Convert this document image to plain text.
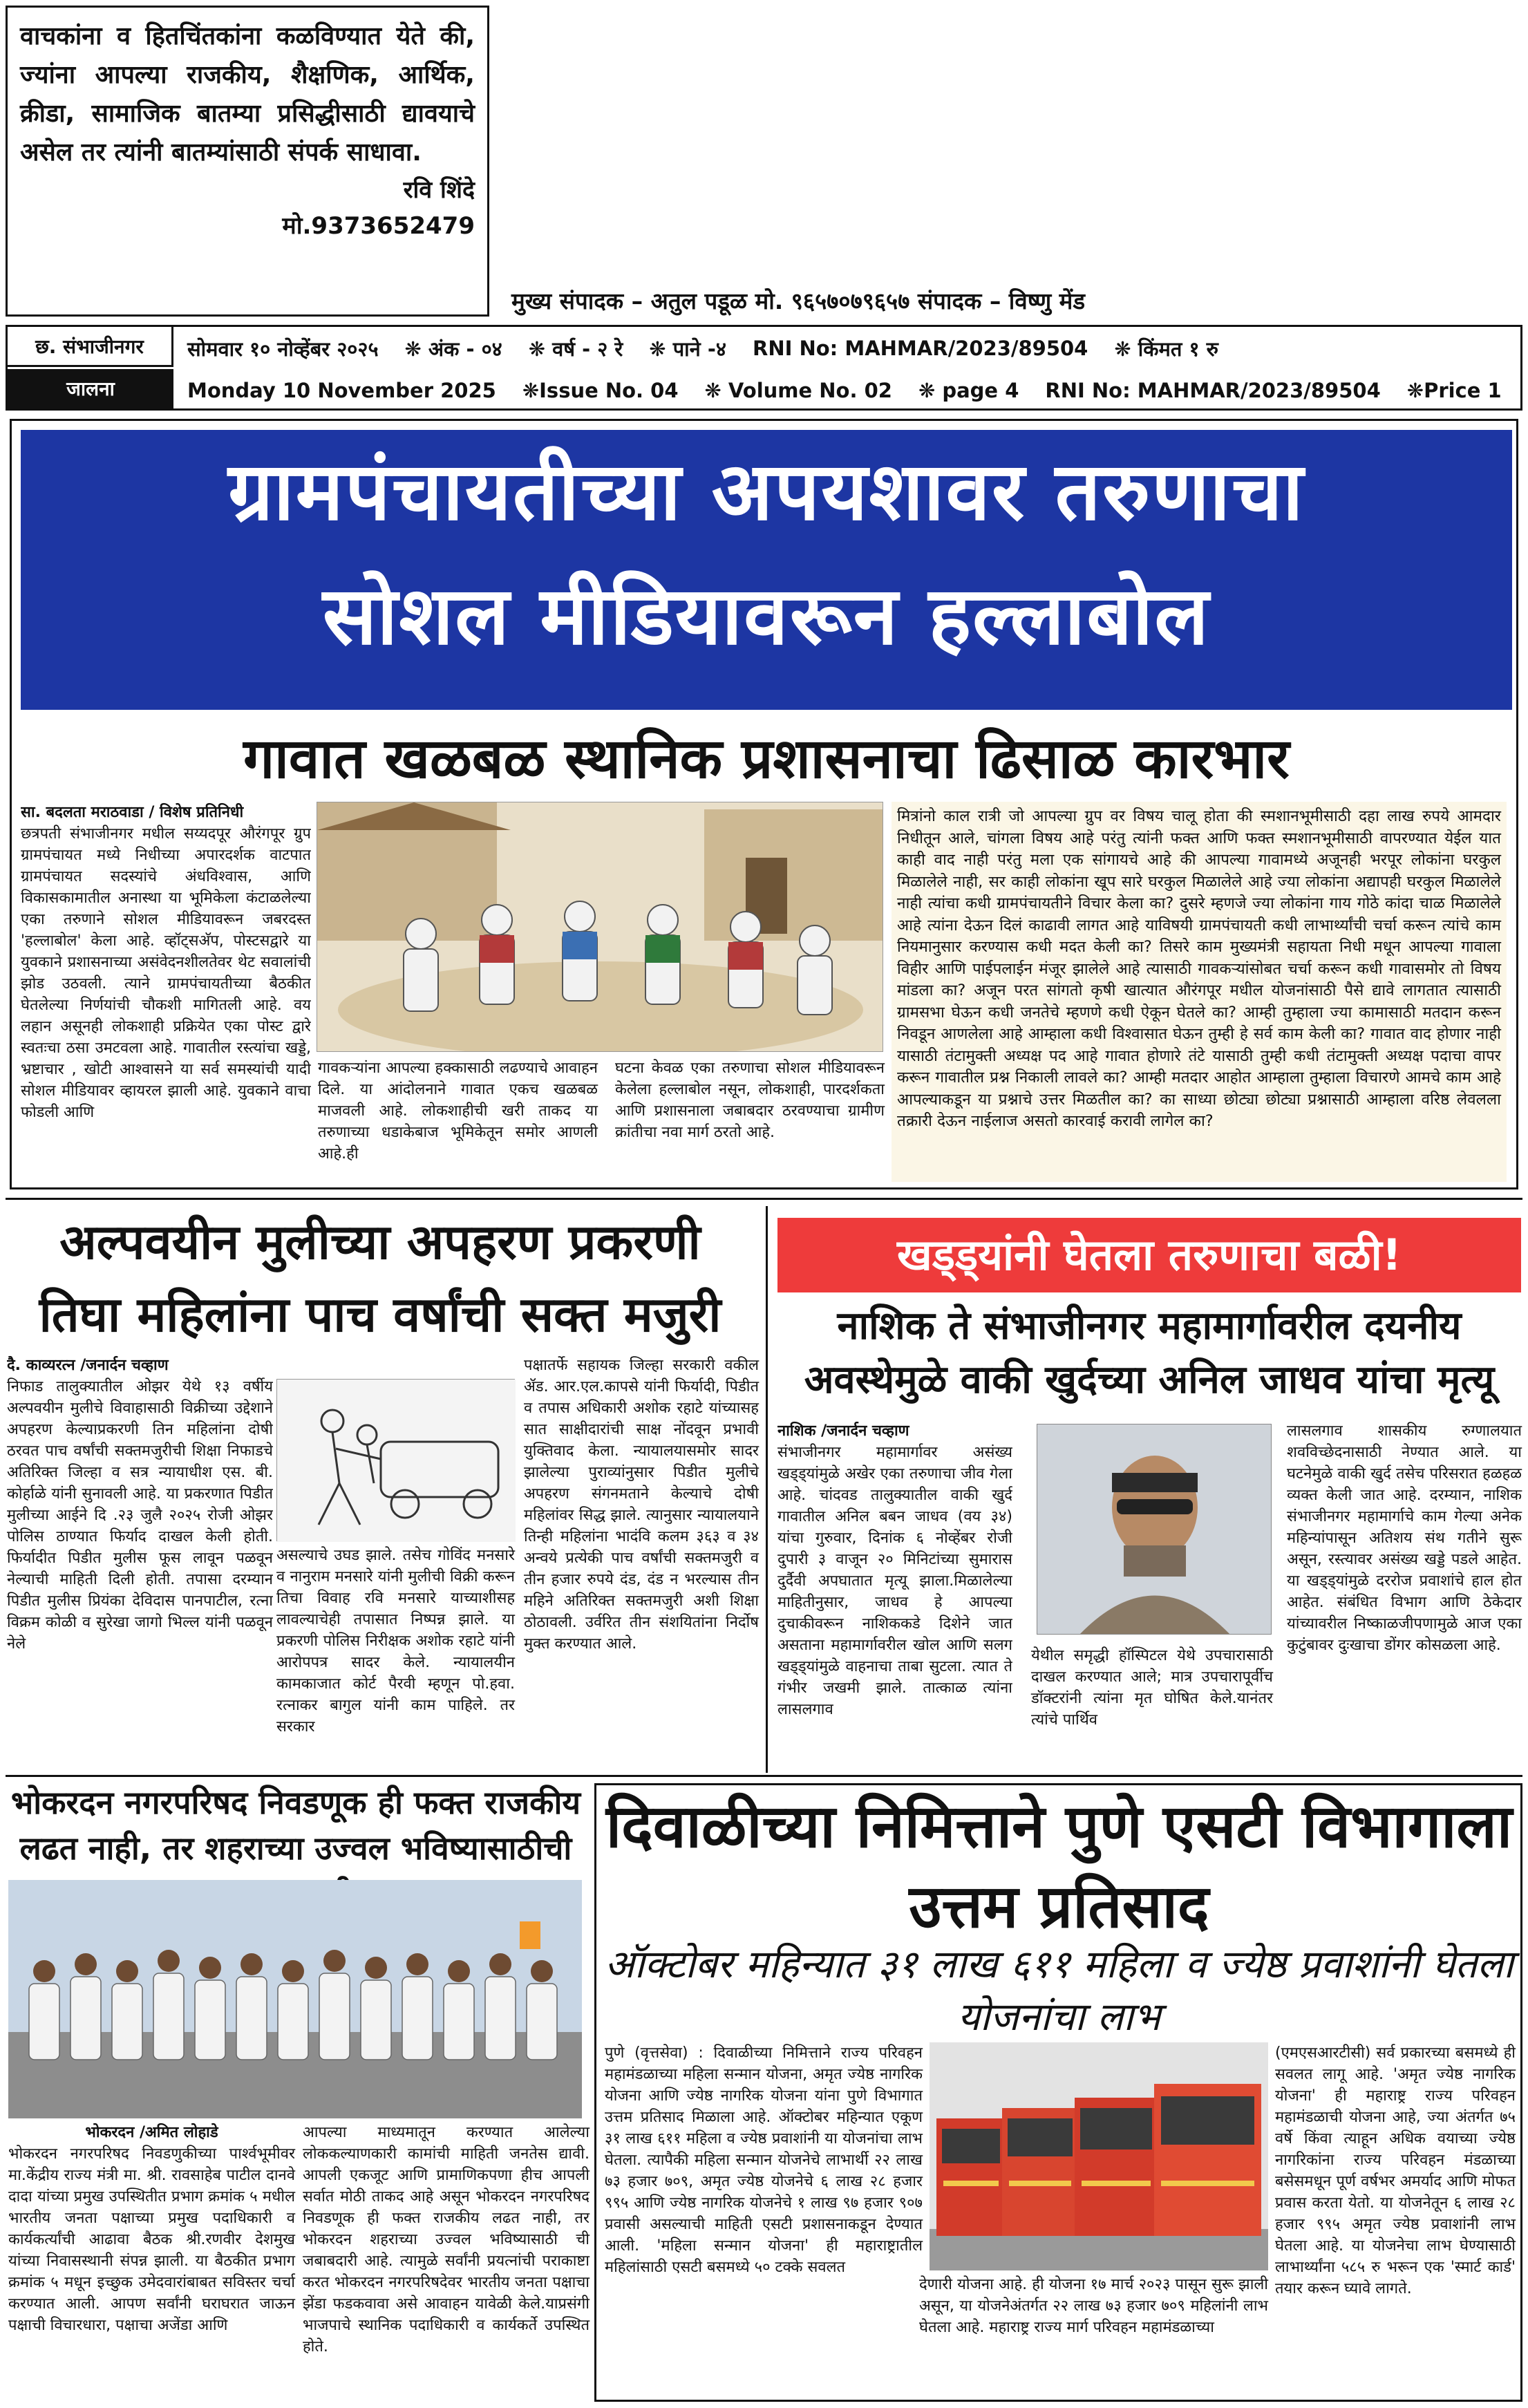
वाचकांना व हितचिंतकांना कळविण्यात येते की, ज्यांना आपल्या राजकीय, शैक्षणिक, आर्थिक, क्रीडा, सामाजिक बातम्या प्रसिद्धीसाठी द्यावयाचे असेल तर त्यांनी बातम्यांसाठी संपर्क साधावा.
रवि शिंदे
मो.9373652479
मुख्य संपादक – अतुल पडूळ मो. ९६५७०७९६५७ संपादक – विष्णु मेंड
छ. संभाजीनगर
जालना
सोमवार १० नोव्हेंबर २०२५ ❋ अंक - ०४ ❋ वर्ष - २ रे ❋ पाने -४ RNI No: MAHMAR/2023/89504 ❋ किंमत १ रु
Monday 10 November 2025 ❋Issue No. 04 ❋ Volume No. 02 ❋ page 4 RNI No: MAHMAR/2023/89504 ❋Price 1
ग्रामपंचायतीच्या अपयशावर तरुणाचा
सोशल मीडियावरून हल्लाबोल
गावात खळबळ स्थानिक प्रशासनाचा ढिसाळ कारभार
सा. बदलता मराठवाडा / विशेष प्रतिनिधी
छत्रपती संभाजीनगर मधील सय्यदपूर औरंगपूर ग्रुप ग्रामपंचायत मध्ये निधीच्या अपारदर्शक वाटपात ग्रामपंचायत सदस्यांचे अंधविश्वास, आणि विकासकामातील अनास्था या भूमिकेला कंटाळलेल्या एका तरुणाने सोशल मीडियावरून जबरदस्त 'हल्लाबोल' केला आहे. व्हॉट्सअ‍ॅप, पोस्टसद्वारे या युवकाने प्रशासनाच्या असंवेदनशीलतेवर थेट सवालांची झोड उठवली. त्याने ग्रामपंचायतीच्या बैठकीत घेतलेल्या निर्णयांची चौकशी मागितली आहे. वय लहान असूनही लोकशाही प्रक्रियेत एका पोस्ट द्वारे स्वतःचा ठसा उमटवला आहे. गावातील रस्त्यांचा खड्डे, भ्रष्टाचार , खोटी आश्वासने या सर्व समस्यांची यादी सोशल मीडियावर व्हायरल झाली आहे. युवकाने वाचा फोडली आणि
गावकऱ्यांना आपल्या हक्कासाठी लढण्याचे आवाहन दिले. या आंदोलनाने गावात एकच खळबळ माजवली आहे. लोकशाहीची खरी ताकद या तरुणाच्या धडाकेबाज भूमिकेतून समोर आणली आहे.ही
घटना केवळ एका तरुणाचा सोशल मीडियावरून केलेला हल्लाबोल नसून, लोकशाही, पारदर्शकता आणि प्रशासनाला जबाबदार ठरवण्याचा ग्रामीण क्रांतीचा नवा मार्ग ठरतो आहे.
मित्रांनो काल रात्री जो आपल्या ग्रुप वर विषय चालू होता की स्मशानभूमीसाठी दहा लाख रुपये आमदार निधीतून आले, चांगला विषय आहे परंतु त्यांनी फक्त आणि फक्त स्मशानभूमीसाठी वापरण्यात येईल यात काही वाद नाही परंतु मला एक सांगायचे आहे की आपल्या गावामध्ये अजूनही भरपूर लोकांना घरकुल मिळालेले नाही, सर काही लोकांना खूप सारे घरकुल मिळालेले आहे ज्या लोकांना अद्यापही घरकुल मिळालेले नाही त्यांचा कधी ग्रामपंचायतीने विचार केला का? दुसरे म्हणजे ज्या लोकांना गाय गोठे कांदा चाळ मिळालेले आहे त्यांना देऊन दिलं काढावी लागत आहे याविषयी ग्रामपंचायती कधी लाभार्थ्यांची चर्चा करून त्यांचे काम नियमानुसार करण्यास कधी मदत केली का? तिसरे काम मुख्यमंत्री सहायता निधी मधून आपल्या गावाला विहीर आणि पाईपलाईन मंजूर झालेले आहे त्यासाठी गावकऱ्यांसोबत चर्चा करून कधी गावासमोर तो विषय मांडला का? अजून परत सांगतो कृषी खात्यात औरंगपूर मधील योजनांसाठी पैसे द्यावे लागतात त्यासाठी ग्रामसभा घेऊन कधी जनतेचे म्हणणे कधी ऐकून घेतले का? आम्ही तुम्हाला ज्या कामासाठी मतदान करून निवडून आणलेला आहे आम्हाला कधी विश्वासात घेऊन तुम्ही हे सर्व काम केली का? गावात वाद होणार नाही यासाठी तंटामुक्ती अध्यक्ष पद आहे गावात होणारे तंटे यासाठी तुम्ही कधी तंटामुक्ती अध्यक्ष पदाचा वापर करून गावातील प्रश्न निकाली लावले का? आम्ही मतदार आहोत आम्हाला तुम्हाला विचारणे आमचे काम आहे आपल्याकडून या प्रश्नाचे उत्तर मिळतील का? का साध्या छोट्या छोट्या प्रश्नासाठी आम्हाला वरिष्ठ लेवलला तक्रारी देऊन नाईलाज असतो कारवाई करावी लागेल का?
अल्पवयीन मुलीच्या अपहरण प्रकरणी
तिघा महिलांना पाच वर्षांची सक्त मजुरी
दै. काव्यरत्न /जनार्दन चव्हाण
निफाड तालुक्यातील ओझर येथे १३ वर्षीय अल्पवयीन मुलीचे विवाहासाठी विक्रीच्या उद्देशाने अपहरण केल्याप्रकरणी तिन महिलांना दोषी ठरवत पाच वर्षांची सक्तमजुरीची शिक्षा निफाडचे अतिरिक्त जिल्हा व सत्र न्यायाधीश एस. बी. कोर्हाळे यांनी सुनावली आहे. या प्रकरणात पिडीत मुलीच्या आईने दि .२३ जुलै २०२५ रोजी ओझर पोलिस ठाण्यात फिर्याद दाखल केली होती. फिर्यादीत पिडीत मुलीस फूस लावून पळवून नेल्याची माहिती दिली होती. तपासा दरम्यान पिडीत मुलीस प्रियंका देविदास पानपाटील, रत्ना विक्रम कोळी व सुरेखा जागो भिल्ल यांनी पळवून नेले
असल्याचे उघड झाले. तसेच गोविंद मनसारे व नानुराम मनसारे यांनी मुलीची विक्री करून तिचा विवाह रवि मनसारे याच्याशीसह लावल्याचेही तपासात निष्पन्न झाले. या प्रकरणी पोलिस निरीक्षक अशोक रहाटे यांनी आरोपपत्र सादर केले. न्यायालयीन कामकाजात कोर्ट पैरवी म्हणून पो.हवा. रत्नाकर बागुल यांनी काम पाहिले. तर सरकार
पक्षातर्फे सहायक जिल्हा सरकारी वकील ॲड. आर.एल.कापसे यांनी फिर्यादी, पिडीत व तपास अधिकारी अशोक रहाटे यांच्यासह सात साक्षीदारांची साक्ष नोंदवून प्रभावी युक्तिवाद केला. न्यायालयासमोर सादर झालेल्या पुराव्यांनुसार पिडीत मुलीचे अपहरण संगनमताने केल्याचे दोषी महिलांवर सिद्ध झाले. त्यानुसार न्यायालयाने तिन्ही महिलांना भादंवि कलम ३६३ व ३४ अन्वये प्रत्येकी पाच वर्षांची सक्तमजुरी व तीन हजार रुपये दंड, दंड न भरल्यास तीन महिने अतिरिक्त सक्तमजुरी अशी शिक्षा ठोठावली. उर्वरित तीन संशयितांना निर्दोष मुक्त करण्यात आले.
खड्ड्यांनी घेतला तरुणाचा बळी!
नाशिक ते संभाजीनगर महामार्गावरील दयनीय अवस्थेमुळे वाकी खुर्दच्या अनिल जाधव यांचा मृत्यू
नाशिक /जनार्दन चव्हाण
संभाजीनगर महामार्गावर असंख्य खड्ड्यांमुळे अखेर एका तरुणाचा जीव गेला आहे. चांदवड तालुक्यातील वाकी खुर्द गावातील अनिल बबन जाधव (वय ३४) यांचा गुरुवार, दिनांक ६ नोव्हेंबर रोजी दुपारी ३ वाजून २० मिनिटांच्या सुमारास दुर्दैवी अपघातात मृत्यू झाला.मिळालेल्या माहितीनुसार, जाधव हे आपल्या दुचाकीवरून नाशिककडे दिशेने जात असताना महामार्गावरील खोल आणि सलग खड्ड्यांमुळे वाहनाचा ताबा सुटला. त्यात ते गंभीर जखमी झाले. तात्काळ त्यांना लासलगाव
येथील समृद्धी हॉस्पिटल येथे उपचारासाठी दाखल करण्यात आले; मात्र उपचारापूर्वीच डॉक्टरांनी त्यांना मृत घोषित केले.यानंतर त्यांचे पार्थिव
लासलगाव शासकीय रुग्णालयात शवविच्छेदनासाठी नेण्यात आले. या घटनेमुळे वाकी खुर्द तसेच परिसरात हळहळ व्यक्त केली जात आहे. दरम्यान, नाशिक संभाजीनगर महामार्गाचे काम गेल्या अनेक महिन्यांपासून अतिशय संथ गतीने सुरू असून, रस्त्यावर असंख्य खड्डे पडले आहेत. या खड्ड्यांमुळे दररोज प्रवाशांचे हाल होत आहेत. संबंधित विभाग आणि ठेकेदार यांच्यावरील निष्काळजीपणामुळे आज एका कुटुंबावर दुःखाचा डोंगर कोसळला आहे.
भोकरदन नगरपरिषद निवडणूक ही फक्त राजकीय लढत नाही, तर शहराच्या उज्वल भविष्यासाठीची
भोकरदन /अमित लोहाडे
भोकरदन नगरपरिषद निवडणुकीच्या पार्श्वभूमीवर मा.केंद्रीय राज्य मंत्री मा. श्री. रावसाहेब पाटील दानवे दादा यांच्या प्रमुख उपस्थितीत प्रभाग क्रमांक ५ मधील भारतीय जनता पक्षाच्या प्रमुख पदाधिकारी व कार्यकर्त्यांची आढावा बैठक श्री.रणवीर देशमुख यांच्या निवासस्थानी संपन्न झाली. या बैठकीत प्रभाग क्रमांक ५ मधून इच्छुक उमेदवारांबाबत सविस्तर चर्चा करण्यात आली. आपण सर्वांनी घराघरात जाऊन पक्षाची विचारधारा, पक्षाचा अजेंडा आणि
आपल्या माध्यमातून करण्यात आलेल्या लोककल्याणकारी कामांची माहिती जनतेस द्यावी. आपली एकजूट आणि प्रामाणिकपणा हीच आपली सर्वात मोठी ताकद आहे असून भोकरदन नगरपरिषद निवडणूक ही फक्त राजकीय लढत नाही, तर भोकरदन शहराच्या उज्वल भविष्यासाठी ची जबाबदारी आहे. त्यामुळे सर्वांनी प्रयत्नांची पराकाष्टा करत भोकरदन नगरपरिषदेवर भारतीय जनता पक्षाचा झेंडा फडकवावा असे आवाहन यावेळी केले.याप्रसंगी भाजपाचे स्थानिक पदाधिकारी व कार्यकर्ते उपस्थित होते.
दिवाळीच्या निमित्ताने पुणे एसटी विभागाला उत्तम प्रतिसाद
ऑक्टोबर महिन्यात ३१ लाख ६११ महिला व ज्येष्ठ प्रवाशांनी घेतला योजनांचा लाभ
पुणे (वृत्तसेवा) : दिवाळीच्या निमित्ताने राज्य परिवहन महामंडळाच्या महिला सन्मान योजना, अमृत ज्येष्ठ नागरिक योजना आणि ज्येष्ठ नागरिक योजना यांना पुणे विभागात उत्तम प्रतिसाद मिळाला आहे. ऑक्टोबर महिन्यात एकूण ३१ लाख ६११ महिला व ज्येष्ठ प्रवाशांनी या योजनांचा लाभ घेतला. त्यापैकी महिला सन्मान योजनेचे लाभार्थी २२ लाख ७३ हजार ७०९, अमृत ज्येष्ठ योजनेचे ६ लाख २८ हजार ९९५ आणि ज्येष्ठ नागरिक योजनेचे १ लाख ९७ हजार ९०७ प्रवासी असल्याची माहिती एसटी प्रशासनाकडून देण्यात आली. 'महिला सन्मान योजना' ही महाराष्ट्रातील महिलांसाठी एसटी बसमध्ये ५० टक्के सवलत
देणारी योजना आहे. ही योजना १७ मार्च २०२३ पासून सुरू झाली असून, या योजनेअंतर्गत २२ लाख ७३ हजार ७०९ महिलांनी लाभ घेतला आहे. महाराष्ट्र राज्य मार्ग परिवहन महामंडळाच्या
(एमएसआरटीसी) सर्व प्रकारच्या बसमध्ये ही सवलत लागू आहे. 'अमृत ज्येष्ठ नागरिक योजना' ही महाराष्ट्र राज्य परिवहन महामंडळाची योजना आहे, ज्या अंतर्गत ७५ वर्षे किंवा त्याहून अधिक वयाच्या ज्येष्ठ नागरिकांना राज्य परिवहन मंडळाच्या बसेसमधून पूर्ण वर्षभर अमर्याद आणि मोफत प्रवास करता येतो. या योजनेतून ६ लाख २८ हजार ९९५ अमृत ज्येष्ठ प्रवाशांनी लाभ घेतला आहे. या योजनेचा लाभ घेण्यासाठी लाभार्थ्यांना ५८५ रु भरून एक 'स्मार्ट कार्ड' तयार करून घ्यावे लागते.
